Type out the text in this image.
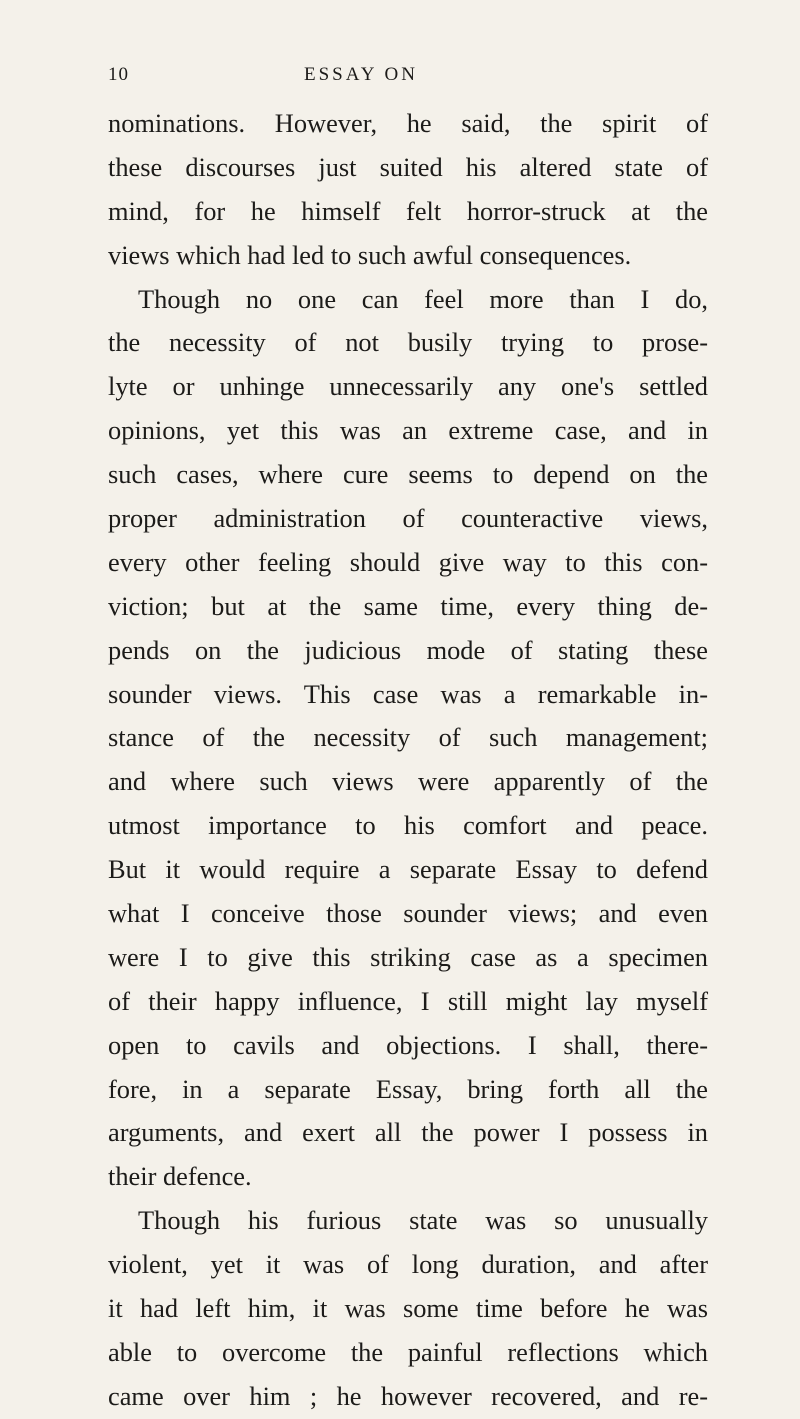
10	ESSAY ON
nominations. However, he said, the spirit of
these discourses just suited his altered state of
mind, for he himself felt horror-struck at the
views which had led to such awful consequences.
Though no one can feel more than I do,
the necessity of not busily trying to prose-
lyte or unhinge unnecessarily any one's settled
opinions, yet this was an extreme case, and in
such cases, where cure seems to depend on the
proper administration of counteractive views,
every other feeling should give way to this con-
viction; but at the same time, every thing de-
pends on the judicious mode of stating these
sounder views. This case was a remarkable in-
stance of the necessity of such management;
and where such views were apparently of the
utmost importance to his comfort and peace.
But it would require a separate Essay to defend
what I conceive those sounder views; and even
were I to give this striking case as a specimen
of their happy influence, I still might lay myself
open to cavils and objections. I shall, there-
fore, in a separate Essay, bring forth all the
arguments, and exert all the power I possess in
their defence.
Though his furious state was so unusually
violent, yet it was of long duration, and after
it had left him, it was some time before he was
able to overcome the painful reflections which
came over him ; he however recovered, and re-
